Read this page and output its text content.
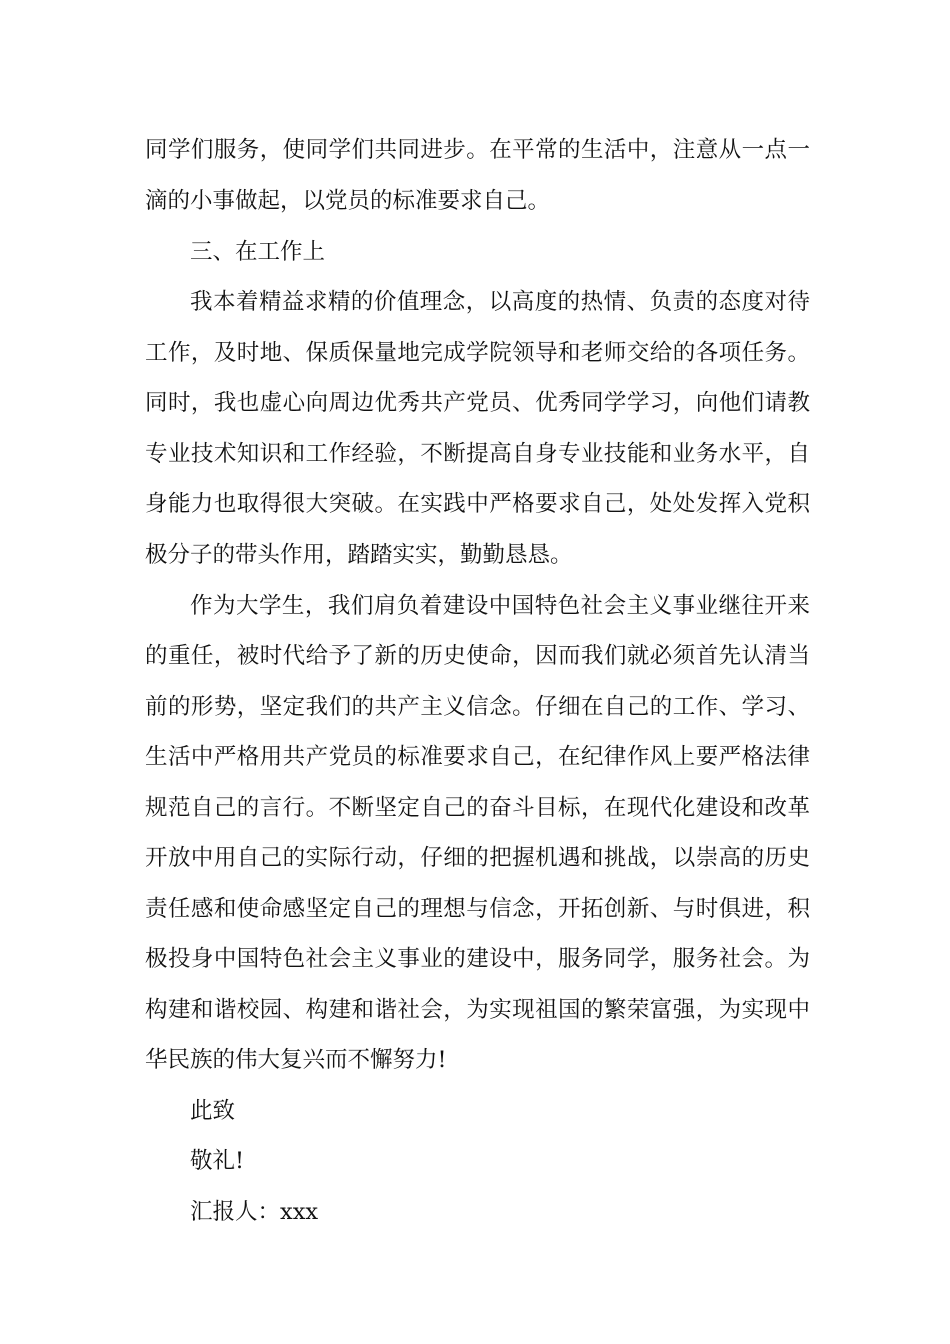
同学们服务，使同学们共同进步。在平常的生活中，注意从一点一
滴的小事做起，以党员的标准要求自己。
三、在工作上
我本着精益求精的价值理念，以高度的热情、负责的态度对待
工作，及时地、保质保量地完成学院领导和老师交给的各项任务。
同时，我也虚心向周边优秀共产党员、优秀同学学习，向他们请教
专业技术知识和工作经验，不断提高自身专业技能和业务水平，自
身能力也取得很大突破。在实践中严格要求自己，处处发挥入党积
极分子的带头作用，踏踏实实，勤勤恳恳。
作为大学生，我们肩负着建设中国特色社会主义事业继往开来
的重任，被时代给予了新的历史使命，因而我们就必须首先认清当
前的形势，坚定我们的共产主义信念。仔细在自己的工作、学习、
生活中严格用共产党员的标准要求自己，在纪律作风上要严格法律
规范自己的言行。不断坚定自己的奋斗目标，在现代化建设和改革
开放中用自己的实际行动，仔细的把握机遇和挑战，以崇高的历史
责任感和使命感坚定自己的理想与信念，开拓创新、与时俱进，积
极投身中国特色社会主义事业的建设中，服务同学，服务社会。为
构建和谐校园、构建和谐社会，为实现祖国的繁荣富强，为实现中
华民族的伟大复兴而不懈努力!
此致
敬礼!
汇报人：xxx
